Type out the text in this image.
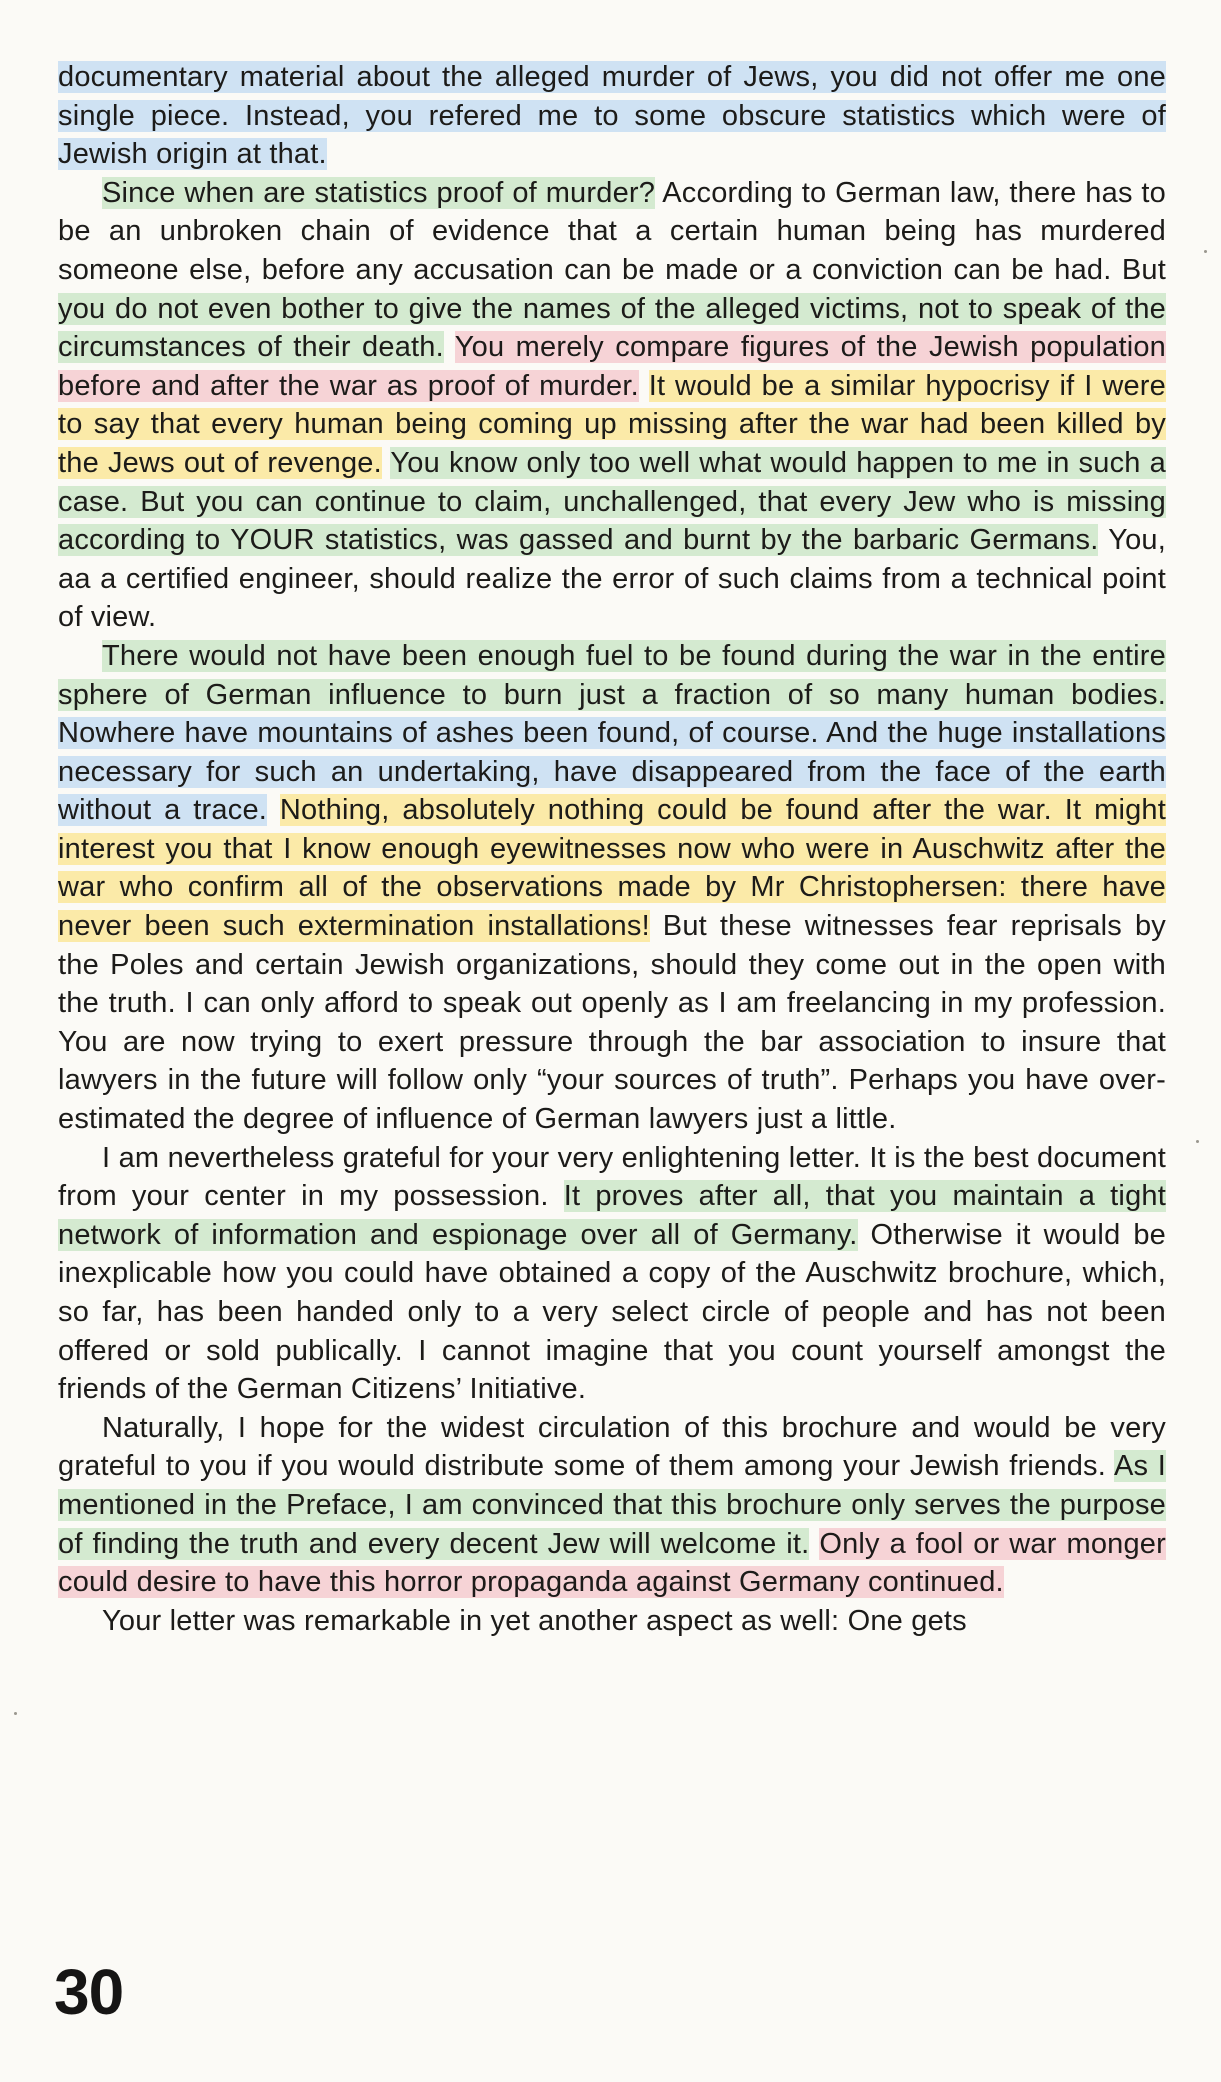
documentary material about the alleged murder of Jews, you did not offer me one single piece. Instead, you refered me to some obscure statistics which were of Jewish origin at that.

Since when are statistics proof of murder? According to German law, there has to be an unbroken chain of evidence that a certain human being has murdered someone else, before any accusation can be made or a conviction can be had. But you do not even bother to give the names of the alleged victims, not to speak of the circumstances of their death. You merely compare figures of the Jewish population before and after the war as proof of murder. It would be a similar hypocrisy if I were to say that every human being coming up missing after the war had been killed by the Jews out of revenge. You know only too well what would happen to me in such a case. But you can continue to claim, unchallenged, that every Jew who is missing according to YOUR statistics, was gassed and burnt by the barbaric Germans. You, aa a certified engineer, should realize the error of such claims from a technical point of view.

There would not have been enough fuel to be found during the war in the entire sphere of German influence to burn just a fraction of so many human bodies. Nowhere have mountains of ashes been found, of course. And the huge installations necessary for such an undertaking, have disappeared from the face of the earth without a trace. Nothing, absolutely nothing could be found after the war. It might interest you that I know enough eyewitnesses now who were in Auschwitz after the war who confirm all of the observations made by Mr Christophersen: there have never been such extermination installations! But these witnesses fear reprisals by the Poles and certain Jewish organizations, should they come out in the open with the truth. I can only afford to speak out openly as I am freelancing in my profession. You are now trying to exert pressure through the bar association to insure that lawyers in the future will follow only “your sources of truth”. Perhaps you have over-estimated the degree of influence of German lawyers just a little.

I am nevertheless grateful for your very enlightening letter. It is the best document from your center in my possession. It proves after all, that you maintain a tight network of information and espionage over all of Germany. Otherwise it would be inexplicable how you could have obtained a copy of the Auschwitz brochure, which, so far, has been handed only to a very select circle of people and has not been offered or sold publically. I cannot imagine that you count yourself amongst the friends of the German Citizens’ Initiative.

Naturally, I hope for the widest circulation of this brochure and would be very grateful to you if you would distribute some of them among your Jewish friends. As I mentioned in the Preface, I am convinced that this brochure only serves the purpose of finding the truth and every decent Jew will welcome it. Only a fool or war monger could desire to have this horror propaganda against Germany continued.

Your letter was remarkable in yet another aspect as well: One gets

30
